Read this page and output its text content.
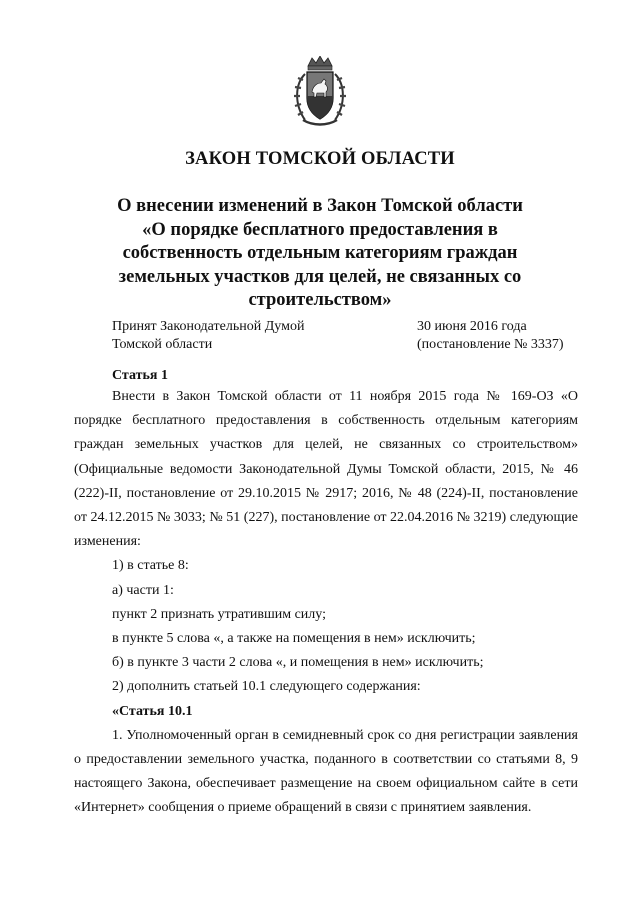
ЗАКОН ТОМСКОЙ ОБЛАСТИ
О внесении изменений в Закон Томской области
«О порядке бесплатного предоставления в
собственность отдельным категориям граждан
земельных участков для целей, не связанных со
строительством»
Принят Законодательной Думой
Томской области
30 июня 2016 года
(постановление № 3337)
Статья 1

Внести в Закон Томской области от 11 ноября 2015 года № 169-ОЗ «О порядке бесплатного предоставления в собственность отдельным категориям граждан земельных участков для целей, не связанных со строительством» (Официальные ведомости Законодательной Думы Томской области, 2015, № 46 (222)-II, постановление от 29.10.2015 № 2917; 2016, № 48 (224)-II, постановление от 24.12.2015 № 3033; № 51 (227), постановление от 22.04.2016 № 3219) следующие изменения:

1) в статье 8:

а) части 1:

пункт 2 признать утратившим силу;

в пункте 5 слова «, а также на помещения в нем» исключить;

б) в пункте 3 части 2 слова «, и помещения в нем» исключить;

2) дополнить статьей 10.1 следующего содержания:

«Статья 10.1

1. Уполномоченный орган в семидневный срок со дня регистрации заявления о предоставлении земельного участка, поданного в соответствии со статьями 8, 9 настоящего Закона, обеспечивает размещение на своем официальном сайте в сети «Интернет» сообщения о приеме обращений в связи с принятием заявления.
